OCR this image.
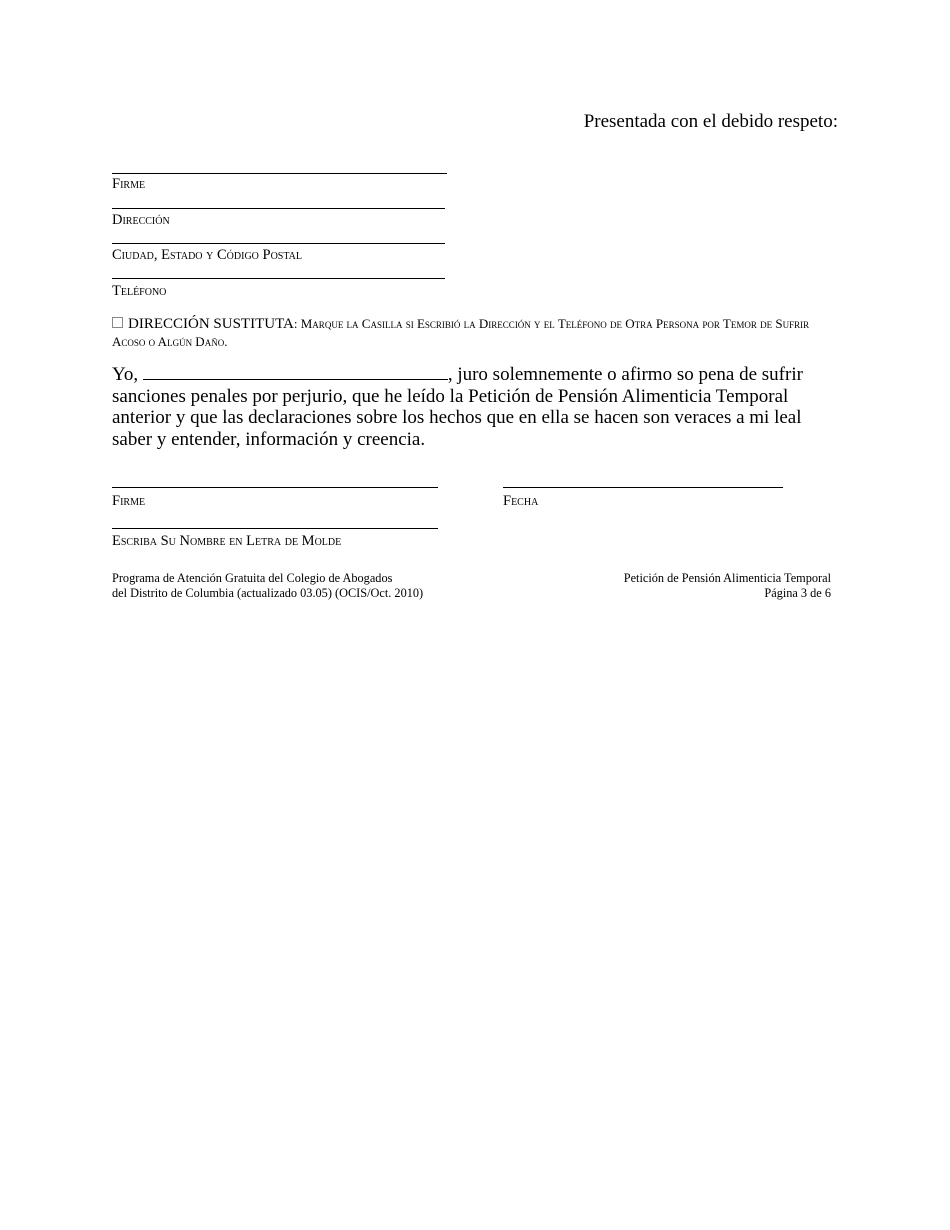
Presentada con el debido respeto:
Firme
Dirección
Ciudad, Estado y Código Postal
Teléfono
DIRECCIÓN SUSTITUTA: Marque la Casilla si Escribió la Dirección y el Teléfono de Otra Persona por Temor de Sufrir Acoso o Algún Daño.
Yo,	, juro solemnemente o afirmo so pena de sufrir sanciones penales por perjurio, que he leído la Petición de Pensión Alimenticia Temporal anterior y que las declaraciones sobre los hechos que en ella se hacen son veraces a mi leal saber y entender, información y creencia.
Firme	Fecha
Escriba Su Nombre en Letra de Molde
Programa de Atención Gratuita del Colegio de Abogados
del Distrito de Columbia (actualizado 03.05) (OCIS/Oct. 2010)
Petición de Pensión Alimenticia Temporal
Página 3 de 6
